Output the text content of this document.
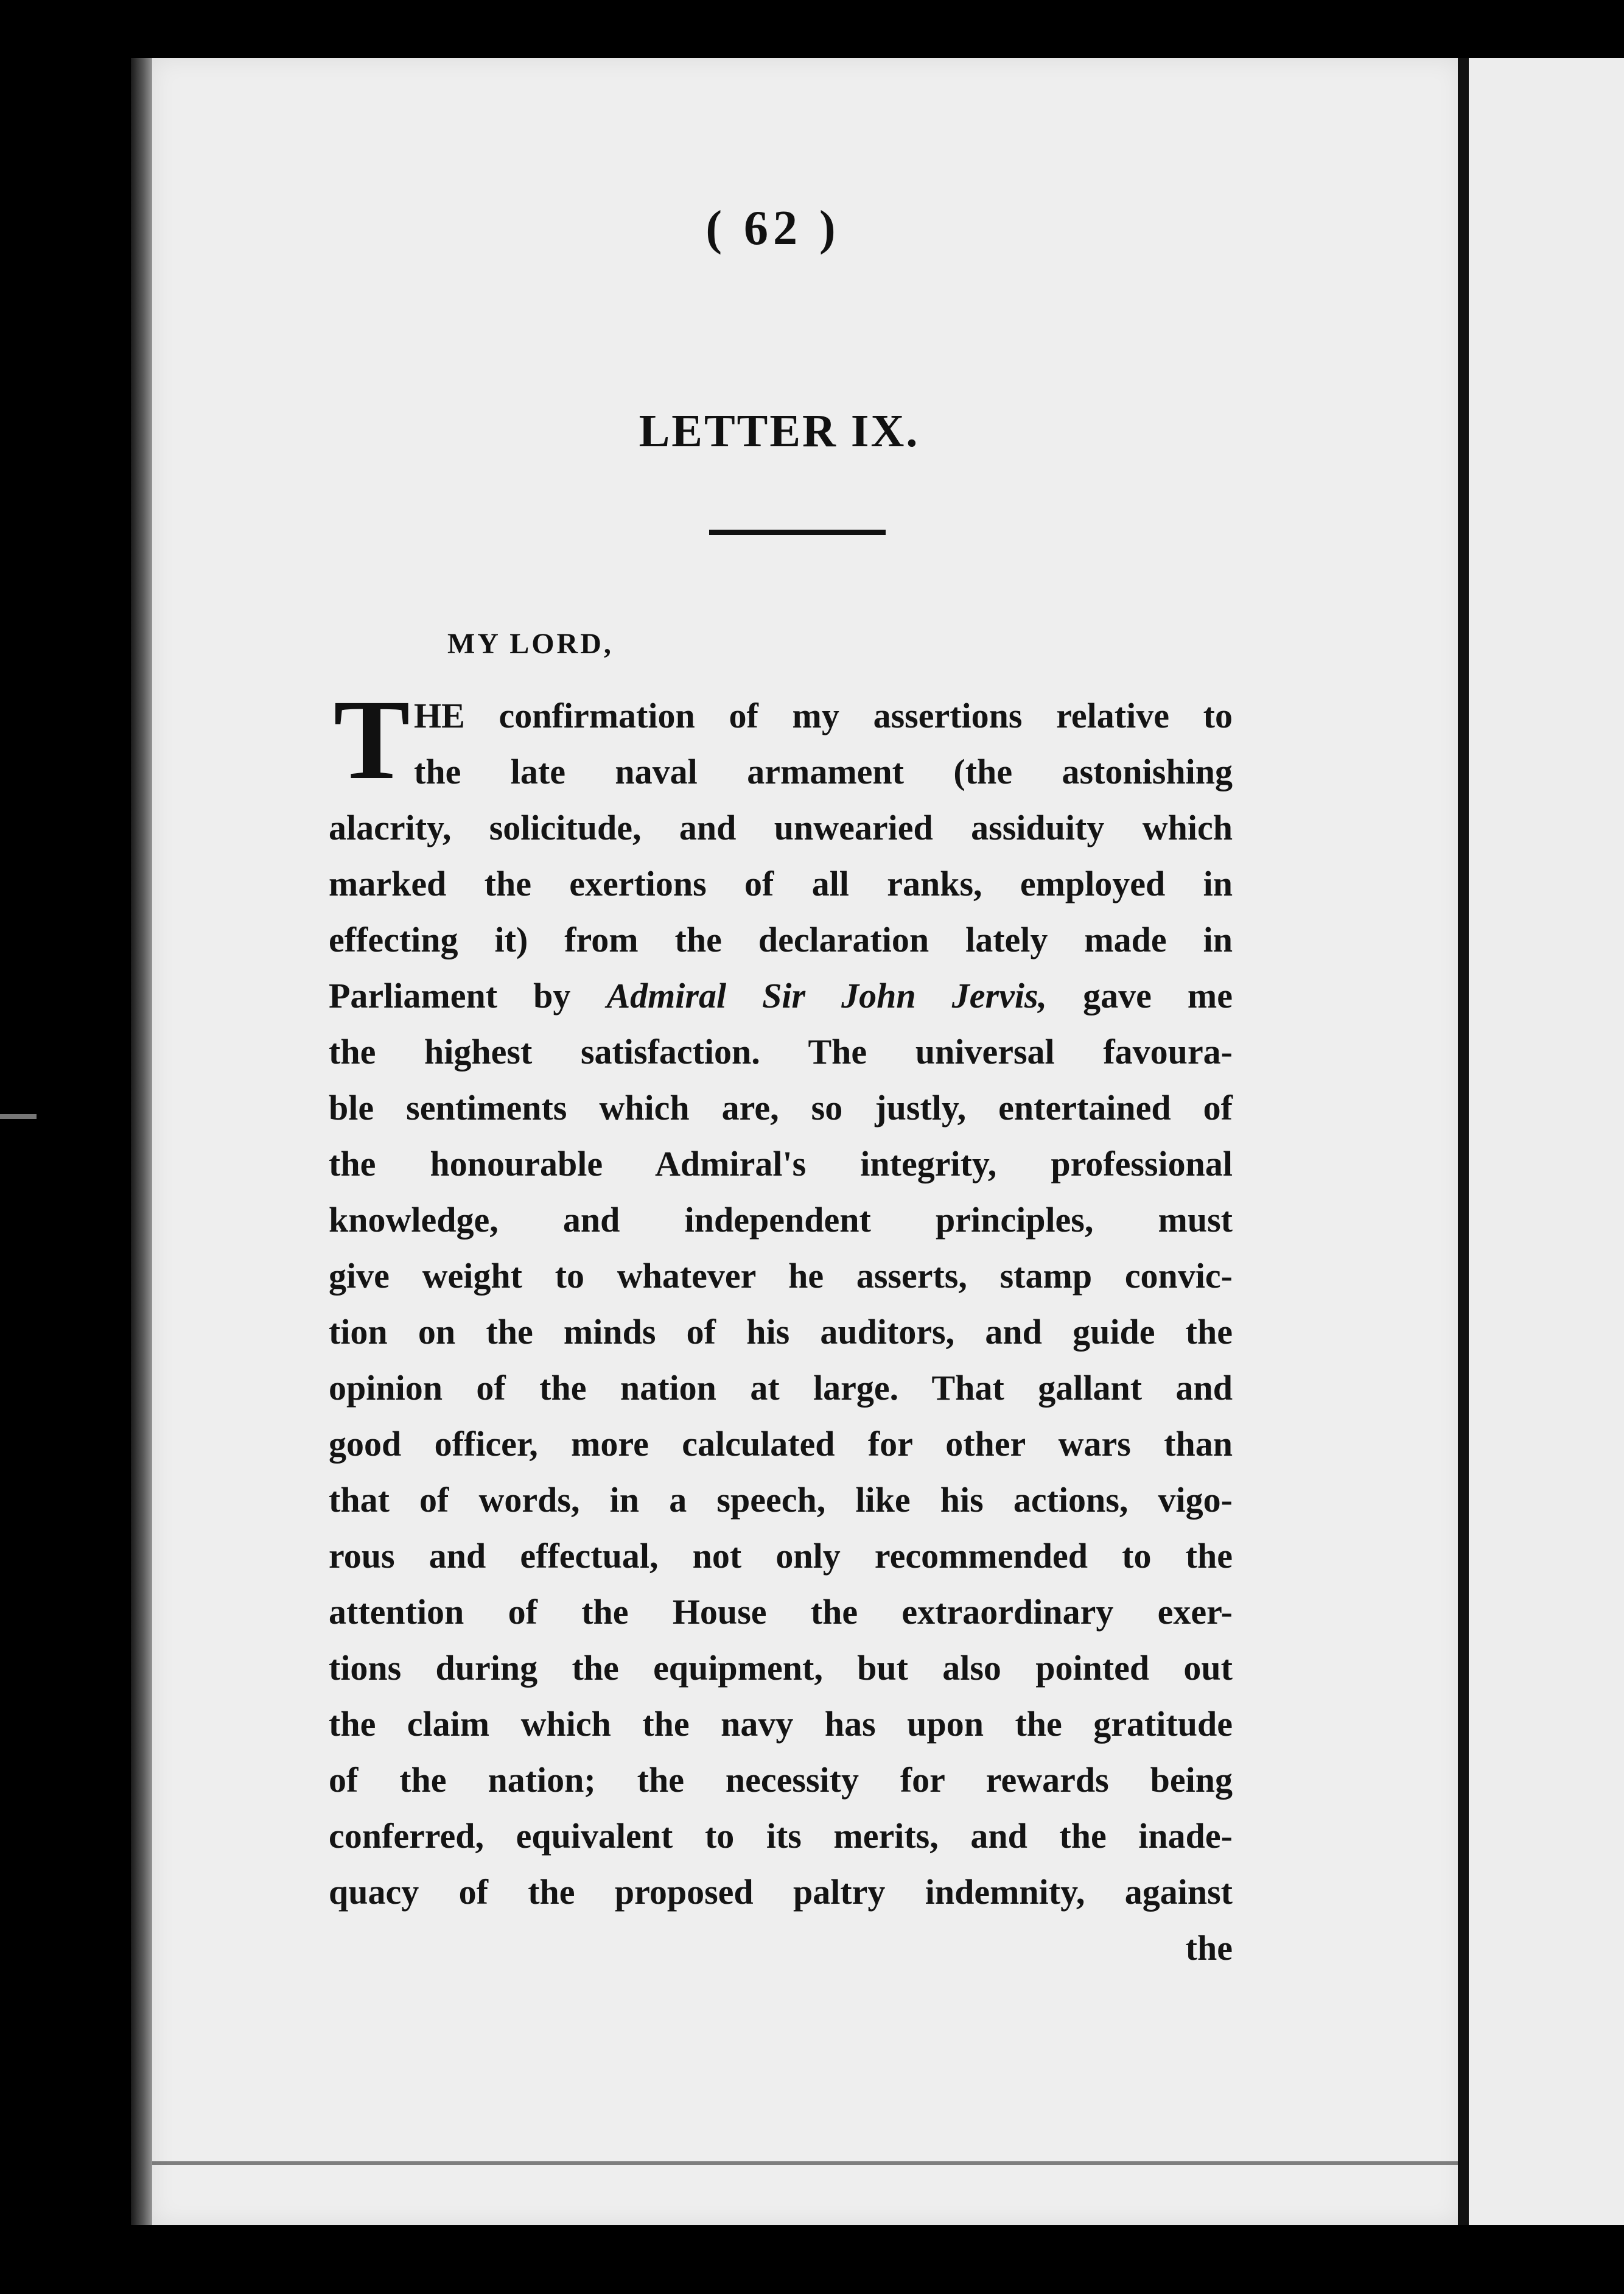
( 62 )
LETTER IX.
MY LORD,
T HE confirmation of my assertions relative to
the late naval armament (the astonishing
alacrity, solicitude, and unwearied assiduity which
marked the exertions of all ranks, employed in
effecting it) from the declaration lately made in
Parliament by Admiral Sir John Jervis, gave me
the highest satisfaction. The universal favoura-
ble sentiments which are, so justly, entertained of
the honourable Admiral's integrity, professional
knowledge, and independent principles, must
give weight to whatever he asserts, stamp convic-
tion on the minds of his auditors, and guide the
opinion of the nation at large. That gallant and
good officer, more calculated for other wars than
that of words, in a speech, like his actions, vigo-
rous and effectual, not only recommended to the
attention of the House the extraordinary exer-
tions during the equipment, but also pointed out
the claim which the navy has upon the gratitude
of the nation; the necessity for rewards being
conferred, equivalent to its merits, and the inade-
quacy of the proposed paltry indemnity, against
the
